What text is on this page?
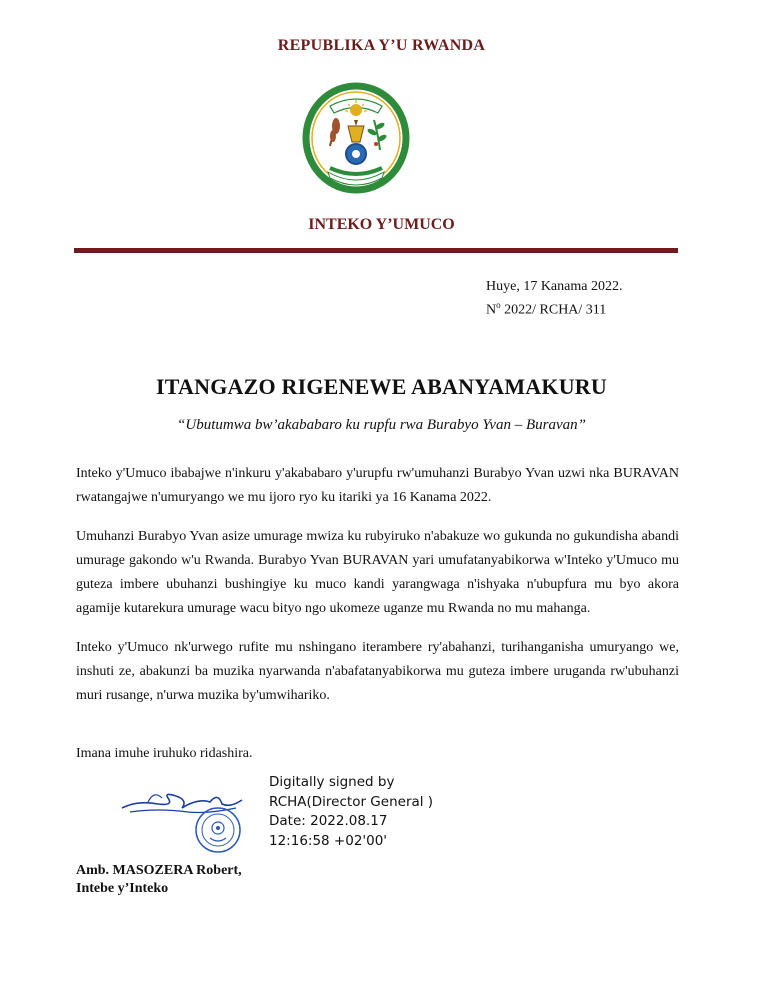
REPUBLIKA Y’U RWANDA
INTEKO Y’UMUCO
Huye, 17 Kanama 2022.
$N^o$ 2022/ RCHA/ 311
ITANGAZO RIGENEWE ABANYAMAKURU
“Ubutumwa bw’akababaro ku rupfu rwa Burabyo Yvan – Buravan”

Inteko y'Umuco ibabajwe n'inkuru y'akababaro y'urupfu rw'umuhanzi Burabyo Yvan uzwi nka BURAVAN rwatangajwe n'umuryango we mu ijoro ryo ku itariki ya 16 Kanama 2022.

Umuhanzi Burabyo Yvan asize umurage mwiza ku rubyiruko n'abakuze wo gukunda no gukundisha abandi umurage gakondo w'u Rwanda. Burabyo Yvan BURAVAN yari umufatanyabikorwa w'Inteko y'Umuco mu guteza imbere ubuhanzi bushingiye ku muco kandi yarangwaga n'ishyaka n'ubupfura mu byo akora agamije kutarekura umurage wacu bityo ngo ukomeze uganze mu Rwanda no mu mahanga.

Inteko y'Umuco nk'urwego rufite mu nshingano iterambere ry'abahanzi, turihanganisha umuryango we, inshuti ze, abakunzi ba muzika nyarwanda n'abafatanyabikorwa mu guteza imbere uruganda rw'ubuhanzi muri rusange, n'urwa muzika by'umwihariko.

Imana imuhe iruhuko ridashira.
Digitally signed by
RCHA(Director General )
Date: 2022.08.17
12:16:58 +02'00'
Amb. MASOZERA Robert,
Intebe y’Inteko
